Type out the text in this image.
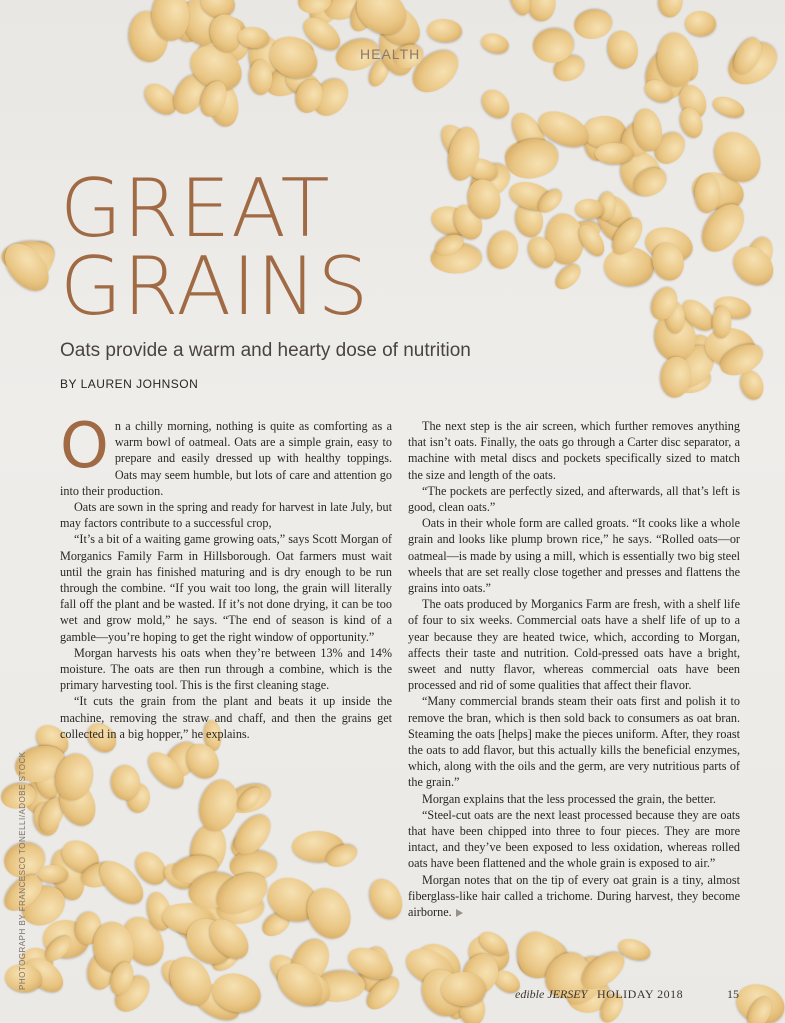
HEALTH
GREAT
GRAINS
Oats provide a warm and hearty dose of nutrition
BY LAUREN JOHNSON

On a chilly morning, nothing is quite as comforting as a warm bowl of oatmeal. Oats are a simple grain, easy to prepare and easily dressed up with healthy toppings. Oats may seem humble, but lots of care and attention go into their production.

Oats are sown in the spring and ready for harvest in late July, but may factors contribute to a successful crop,

“It’s a bit of a waiting game growing oats,” says Scott Morgan of Morganics Family Farm in Hillsborough. Oat farmers must wait until the grain has finished maturing and is dry enough to be run through the combine. “If you wait too long, the grain will literally fall off the plant and be wasted. If it’s not done drying, it can be too wet and grow mold,” he says. “The end of season is kind of a gamble—you’re hoping to get the right window of opportunity.”

Morgan harvests his oats when they’re between 13% and 14% moisture. The oats are then run through a combine, which is the primary harvesting tool. This is the first cleaning stage.

“It cuts the grain from the plant and beats it up inside the machine, removing the straw and chaff, and then the grains get collected in a big hopper,” he explains.

The next step is the air screen, which further removes anything that isn’t oats. Finally, the oats go through a Carter disc separator, a machine with metal discs and pockets specifically sized to match the size and length of the oats.

“The pockets are perfectly sized, and afterwards, all that’s left is good, clean oats.”

Oats in their whole form are called groats. “It cooks like a whole grain and looks like plump brown rice,” he says. “Rolled oats—or oatmeal—is made by using a mill, which is essentially two big steel wheels that are set really close together and presses and flattens the grains into oats.”

The oats produced by Morganics Farm are fresh, with a shelf life of four to six weeks. Commercial oats have a shelf life of up to a year because they are heated twice, which, according to Morgan, affects their taste and nutrition. Cold-pressed oats have a bright, sweet and nutty flavor, whereas commercial oats have been processed and rid of some qualities that affect their flavor.

“Many commercial brands steam their oats first and polish it to remove the bran, which is then sold back to consumers as oat bran. Steaming the oats [helps] make the pieces uniform. After, they roast the oats to add flavor, but this actually kills the beneficial enzymes, which, along with the oils and the germ, are very nutritious parts of the grain.”

Morgan explains that the less processed the grain, the better.

“Steel-cut oats are the next least processed because they are oats that have been chipped into three to four pieces. They are more intact, and they’ve been exposed to less oxidation, whereas rolled oats have been flattened and the whole grain is exposed to air.”

Morgan notes that on the tip of every oat grain is a tiny, almost fiberglass-like hair called a trichome. During harvest, they become airborne.

PHOTOGRAPH BY FRANCESCO TONELLI/ADOBE STOCK
edible JERSEY HOLIDAY 2018	15
